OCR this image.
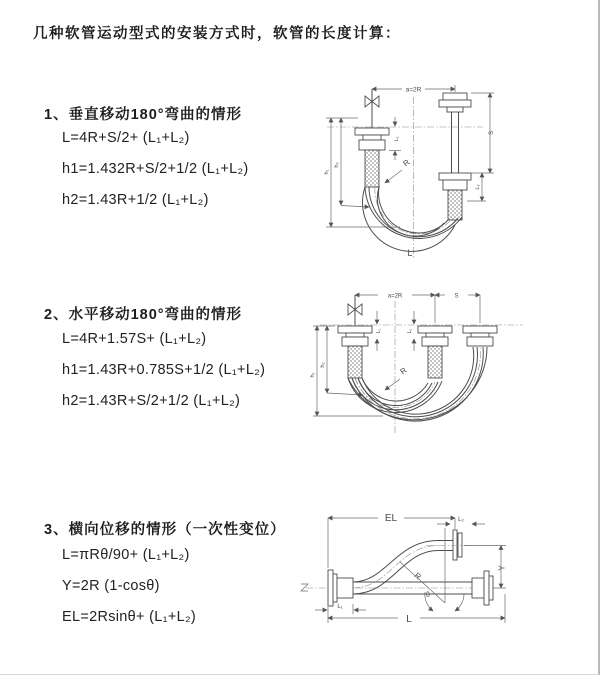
几种软管运动型式的安装方式时，软管的长度计算：
1、垂直移动180°弯曲的情形
L=4R+S/2+ (L₁+L₂)
h1=1.432R+S/2+1/2 (L₁+L₂)
h2=1.43R+1/2 (L₁+L₂)
a=2R
L₁
S
L₂
h₁
h₂	R
L
2、水平移动180°弯曲的情形
L=4R+1.57S+ (L₁+L₂)
h1=1.43R+0.785S+1/2 (L₁+L₂)
h2=1.43R+S/2+1/2 (L₁+L₂)
a=2R	S
L₁	L₂
h₁
h₂
R
3、横向位移的情形（一次性变位）
L=πRθ/90+ (L₁+L₂)
Y=2R (1-cosθ)
EL=2Rsinθ+ (L₁+L₂)
EL	L₂
Y
θ
R
L
L₁
